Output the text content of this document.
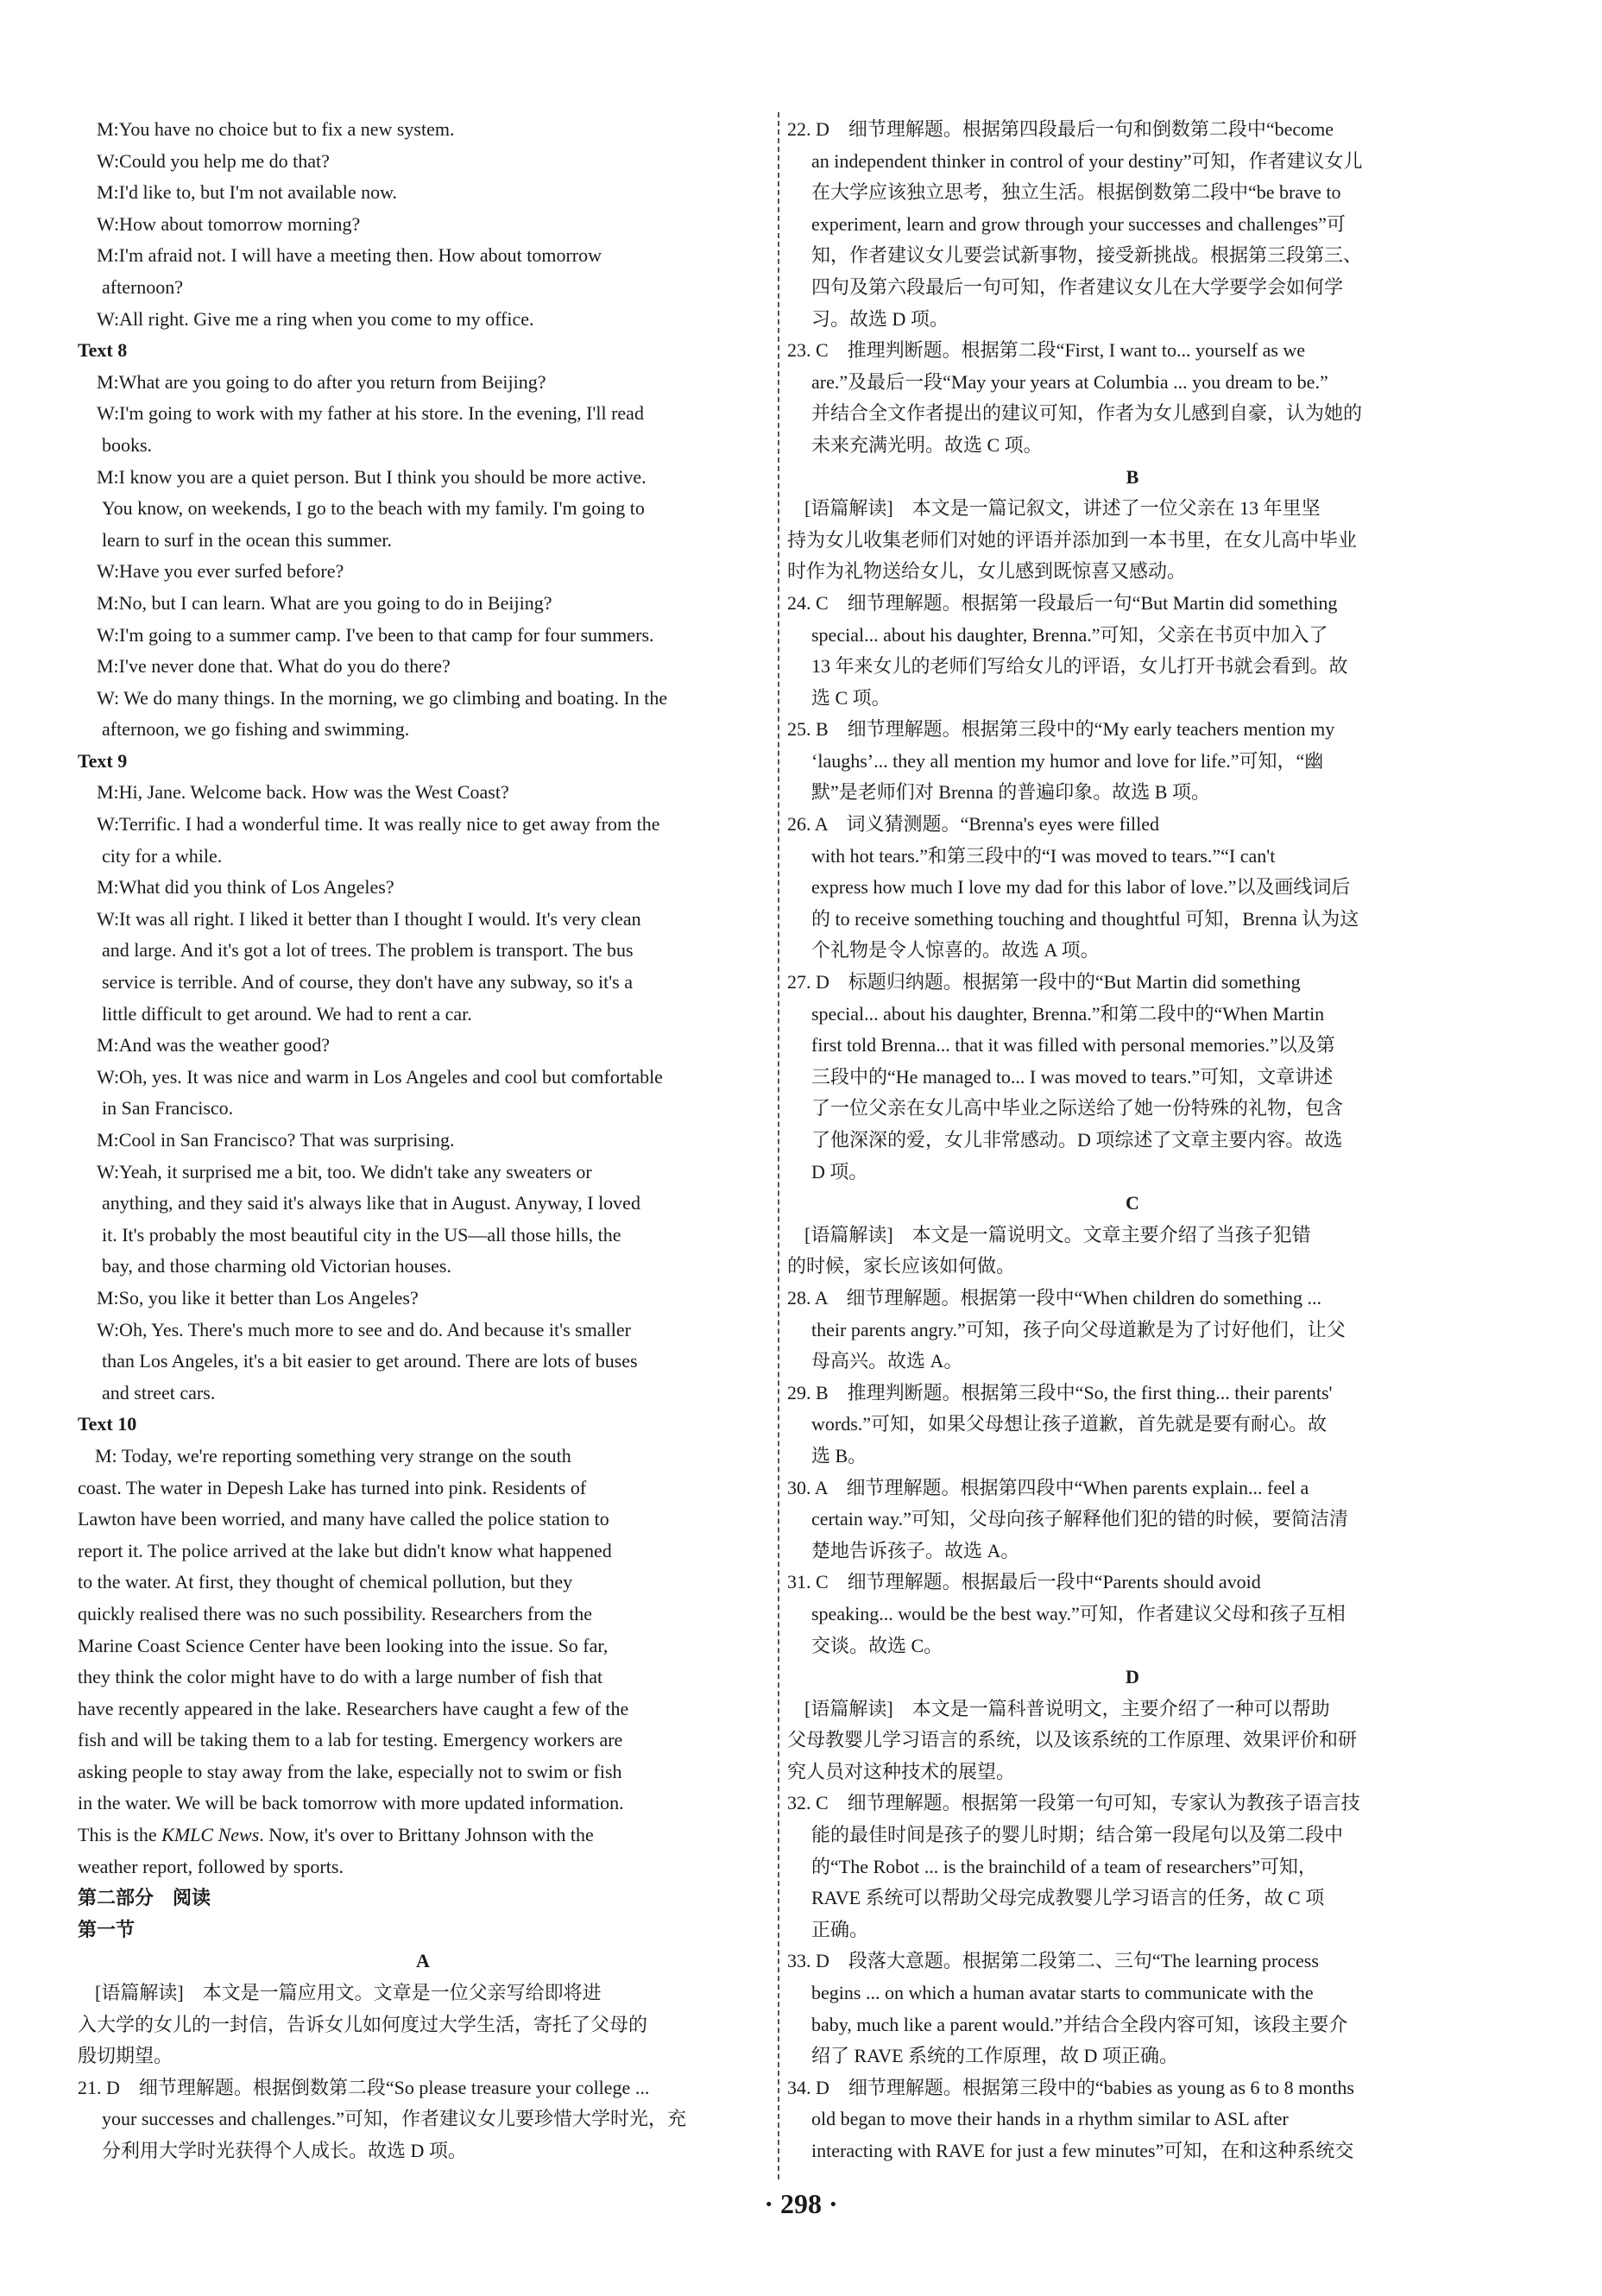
M:You have no choice but to fix a new system.
W:Could you help me do that?
M:I'd like to, but I'm not available now.
W:How about tomorrow morning?
M:I'm afraid not. I will have a meeting then. How about tomorrow
afternoon?
W:All right. Give me a ring when you come to my office.
Text 8
M:What are you going to do after you return from Beijing?
W:I'm going to work with my father at his store. In the evening, I'll read
books.
M:I know you are a quiet person. But I think you should be more active.
You know, on weekends, I go to the beach with my family. I'm going to
learn to surf in the ocean this summer.
W:Have you ever surfed before?
M:No, but I can learn. What are you going to do in Beijing?
W:I'm going to a summer camp. I've been to that camp for four summers.
M:I've never done that. What do you do there?
W: We do many things. In the morning, we go climbing and boating. In the
afternoon, we go fishing and swimming.
Text 9
M:Hi, Jane. Welcome back. How was the West Coast?
W:Terrific. I had a wonderful time. It was really nice to get away from the
city for a while.
M:What did you think of Los Angeles?
W:It was all right. I liked it better than I thought I would. It's very clean
and large. And it's got a lot of trees. The problem is transport. The bus
service is terrible. And of course, they don't have any subway, so it's a
little difficult to get around. We had to rent a car.
M:And was the weather good?
W:Oh, yes. It was nice and warm in Los Angeles and cool but comfortable
in San Francisco.
M:Cool in San Francisco? That was surprising.
W:Yeah, it surprised me a bit, too. We didn't take any sweaters or
anything, and they said it's always like that in August. Anyway, I loved
it. It's probably the most beautiful city in the US—all those hills, the
bay, and those charming old Victorian houses.
M:So, you like it better than Los Angeles?
W:Oh, Yes. There's much more to see and do. And because it's smaller
than Los Angeles, it's a bit easier to get around. There are lots of buses
and street cars.
Text 10
M: Today, we're reporting something very strange on the south
coast. The water in Depesh Lake has turned into pink. Residents of
Lawton have been worried, and many have called the police station to
report it. The police arrived at the lake but didn't know what happened
to the water. At first, they thought of chemical pollution, but they
quickly realised there was no such possibility. Researchers from the
Marine Coast Science Center have been looking into the issue. So far,
they think the color might have to do with a large number of fish that
have recently appeared in the lake. Researchers have caught a few of the
fish and will be taking them to a lab for testing. Emergency workers are
asking people to stay away from the lake, especially not to swim or fish
in the water. We will be back tomorrow with more updated information.
This is the KMLC News. Now, it's over to Brittany Johnson with the
weather report, followed by sports.
第二部分　阅读
第一节
A
[语篇解读]　本文是一篇应用文。文章是一位父亲写给即将进
入大学的女儿的一封信，告诉女儿如何度过大学生活，寄托了父母的
殷切期望。
21. D　细节理解题。根据倒数第二段“So please treasure your college ...
your successes and challenges.”可知，作者建议女儿要珍惜大学时光，充
分利用大学时光获得个人成长。故选 D 项。
22. D　细节理解题。根据第四段最后一句和倒数第二段中“become
an independent thinker in control of your destiny”可知，作者建议女儿
在大学应该独立思考，独立生活。根据倒数第二段中“be brave to
experiment, learn and grow through your successes and challenges”可
知，作者建议女儿要尝试新事物，接受新挑战。根据第三段第三、
四句及第六段最后一句可知，作者建议女儿在大学要学会如何学
习。故选 D 项。
23. C　推理判断题。根据第二段“First, I want to... yourself as we
are.”及最后一段“May your years at Columbia ... you dream to be.”
并结合全文作者提出的建议可知，作者为女儿感到自豪，认为她的
未来充满光明。故选 C 项。
B
[语篇解读]　本文是一篇记叙文，讲述了一位父亲在 13 年里坚
持为女儿收集老师们对她的评语并添加到一本书里，在女儿高中毕业
时作为礼物送给女儿，女儿感到既惊喜又感动。
24. C　细节理解题。根据第一段最后一句“But Martin did something
special... about his daughter, Brenna.”可知，父亲在书页中加入了
13 年来女儿的老师们写给女儿的评语，女儿打开书就会看到。故
选 C 项。
25. B　细节理解题。根据第三段中的“My early teachers mention my
‘laughs’... they all mention my humor and love for life.”可知，“幽
默”是老师们对 Brenna 的普遍印象。故选 B 项。
26. A　词义猜测题。“Brenna's eyes were filled
with hot tears.”和第三段中的“I was moved to tears.”“I can't
express how much I love my dad for this labor of love.”以及画线词后
的 to receive something touching and thoughtful 可知，Brenna 认为这
个礼物是令人惊喜的。故选 A 项。
27. D　标题归纳题。根据第一段中的“But Martin did something
special... about his daughter, Brenna.”和第二段中的“When Martin
first told Brenna... that it was filled with personal memories.”以及第
三段中的“He managed to... I was moved to tears.”可知，文章讲述
了一位父亲在女儿高中毕业之际送给了她一份特殊的礼物，包含
了他深深的爱，女儿非常感动。D 项综述了文章主要内容。故选
D 项。
C
[语篇解读]　本文是一篇说明文。文章主要介绍了当孩子犯错
的时候，家长应该如何做。
28. A　细节理解题。根据第一段中“When children do something ...
their parents angry.”可知，孩子向父母道歉是为了讨好他们，让父
母高兴。故选 A。
29. B　推理判断题。根据第三段中“So, the first thing... their parents'
words.”可知，如果父母想让孩子道歉，首先就是要有耐心。故
选 B。
30. A　细节理解题。根据第四段中“When parents explain... feel a
certain way.”可知，父母向孩子解释他们犯的错的时候，要简洁清
楚地告诉孩子。故选 A。
31. C　细节理解题。根据最后一段中“Parents should avoid
speaking... would be the best way.”可知，作者建议父母和孩子互相
交谈。故选 C。
D
[语篇解读]　本文是一篇科普说明文，主要介绍了一种可以帮助
父母教婴儿学习语言的系统，以及该系统的工作原理、效果评价和研
究人员对这种技术的展望。
32. C　细节理解题。根据第一段第一句可知，专家认为教孩子语言技
能的最佳时间是孩子的婴儿时期；结合第一段尾句以及第二段中
的“The Robot ... is the brainchild of a team of researchers”可知，
RAVE 系统可以帮助父母完成教婴儿学习语言的任务，故 C 项
正确。
33. D　段落大意题。根据第二段第二、三句“The learning process
begins ... on which a human avatar starts to communicate with the
baby, much like a parent would.”并结合全段内容可知，该段主要介
绍了 RAVE 系统的工作原理，故 D 项正确。
34. D　细节理解题。根据第三段中的“babies as young as 6 to 8 months
old began to move their hands in a rhythm similar to ASL after
interacting with RAVE for just a few minutes”可知，在和这种系统交
· 298 ·
